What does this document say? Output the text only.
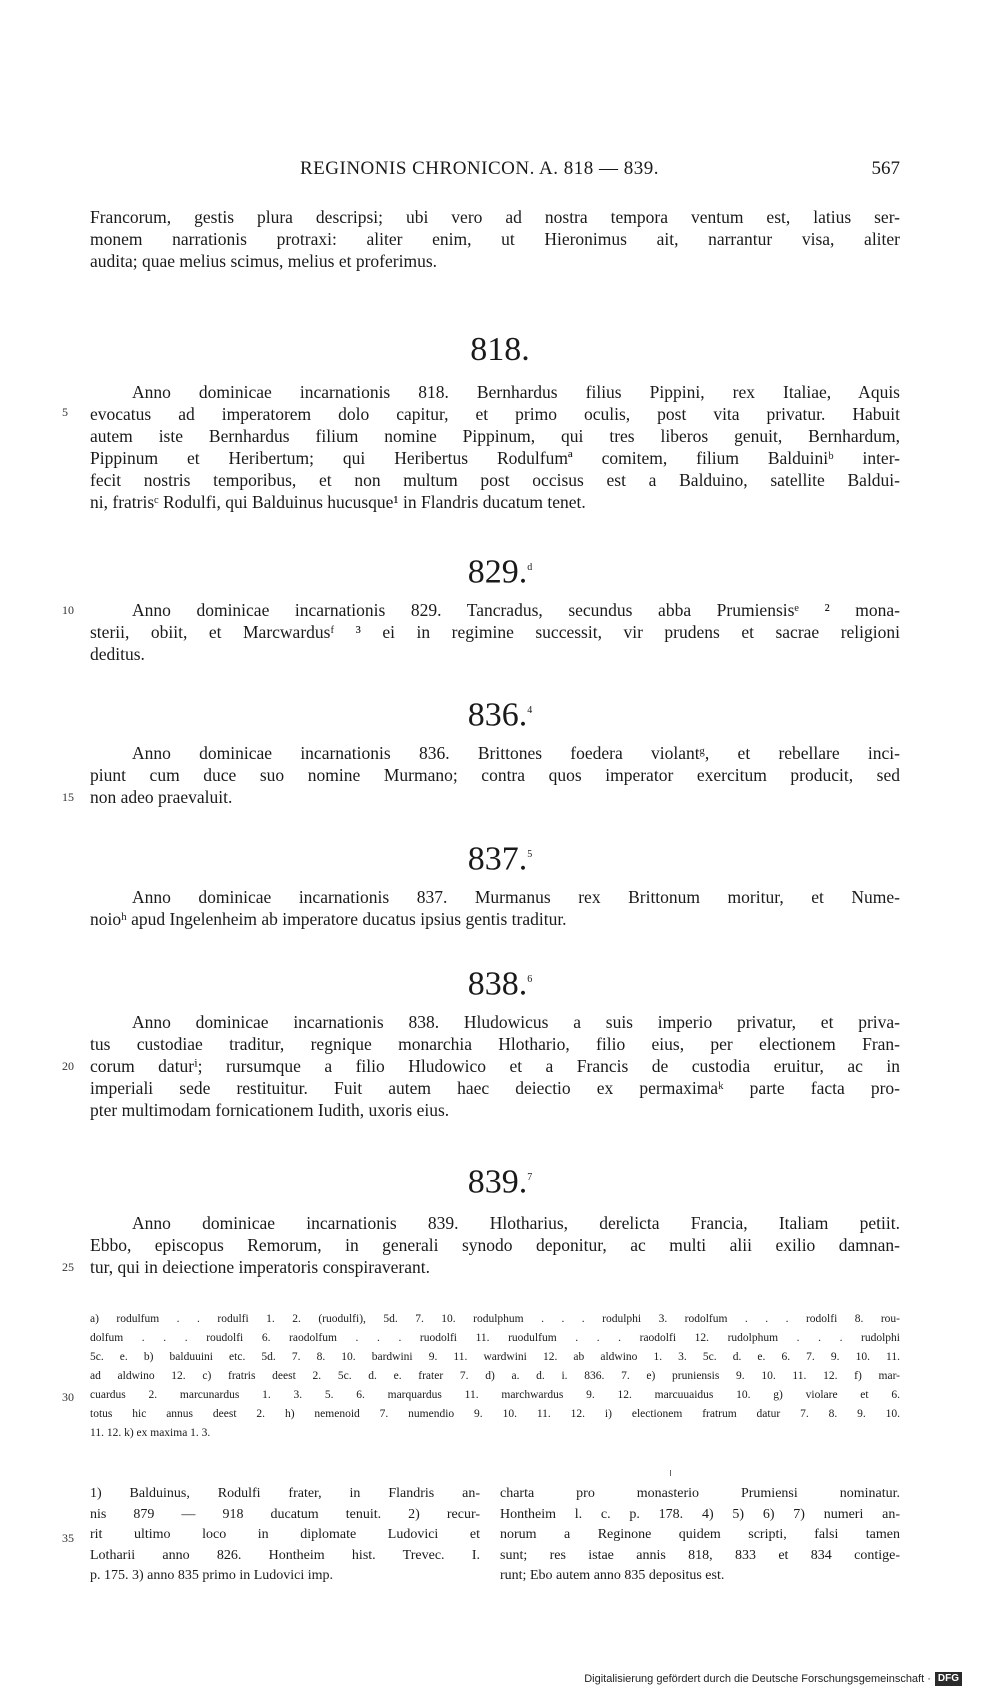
REGINONIS CHRONICON. A. 818 — 839.	567
Francorum, gestis plura descripsi; ubi vero ad nostra tempora ventum est, latius ser-
monem narrationis protraxi: aliter enim, ut Hieronimus ait, narrantur visa, aliter
audita; quae melius scimus, melius et proferimus.
818.
Anno dominicae incarnationis 818. Bernhardus filius Pippini, rex Italiae, Aquis
evocatus ad imperatorem dolo capitur, et primo oculis, post vita privatur. Habuit
autem iste Bernhardus filium nomine Pippinum, qui tres liberos genuit, Bernhardum,
Pippinum et Heribertum; qui Heribertus Rodulfumª comitem, filium Balduiniᵇ inter-
fecit nostris temporibus, et non multum post occisus est a Balduino, satellite Baldui-
ni, fratrisᶜ Rodulfi, qui Balduinus hucusque¹ in Flandris ducatum tenet.
5
829.$^d$
Anno dominicae incarnationis 829. Tancradus, secundus abba Prumiensisᵉ ² mona-
sterii, obiit, et Marcwardusᶠ ³ ei in regimine successit, vir prudens et sacrae religioni
deditus.
10
836.$^4$
Anno dominicae incarnationis 836. Brittones foedera violantᵍ, et rebellare inci-
piunt cum duce suo nomine Murmano; contra quos imperator exercitum producit, sed
non adeo praevaluit.
15
837.$^5$
Anno dominicae incarnationis 837. Murmanus rex Brittonum moritur, et Nume-
noioʰ apud Ingelenheim ab imperatore ducatus ipsius gentis traditur.
838.$^6$
Anno dominicae incarnationis 838. Hludowicus a suis imperio privatur, et priva-
tus custodiae traditur, regnique monarchia Hlothario, filio eius, per electionem Fran-
corum daturⁱ; rursumque a filio Hludowico et a Francis de custodia eruitur, ac in
imperiali sede restituitur. Fuit autem haec deiectio ex permaximaᵏ parte facta pro-
pter multimodam fornicationem Iudith, uxoris eius.
20
839.$^7$
Anno dominicae incarnationis 839. Hlotharius, derelicta Francia, Italiam petiit.
Ebbo, episcopus Remorum, in generali synodo deponitur, ac multi alii exilio damnan-
tur, qui in deiectione imperatoris conspiraverant.
25
a) rodulfum . . rodulfi 1. 2. (ruodulfi), 5d. 7. 10. rodulphum . . . rodulphi 3. rodolfum . . . rodolfi 8. rou-
dolfum . . . roudolfi 6. raodolfum . . . ruodolfi 11. ruodulfum . . . raodolfi 12. rudolphum . . . rudolphi
5c. e. b) balduuini etc. 5d. 7. 8. 10. bardwini 9. 11. wardwini 12. ab aldwino 1. 3. 5c. d. e. 6. 7. 9. 10. 11.
ad aldwino 12. c) fratris deest 2. 5c. d. e. frater 7. d) a. d. i. 836. 7. e) pruniensis 9. 10. 11. 12. f) mar-
cuardus 2. marcunardus 1. 3. 5. 6. marquardus 11. marchwardus 9. 12. marcuuaidus 10. g) violare et 6.
totus hic annus deest 2. h) nemenoid 7. numendio 9. 10. 11. 12. i) electionem fratrum datur 7. 8. 9. 10.
11. 12. k) ex maxima 1. 3.
30
1) Balduinus, Rodulfi frater, in Flandris an-
nis 879 — 918 ducatum tenuit. 2) recur-
rit ultimo loco in diplomate Ludovici et
Lotharii anno 826. Hontheim hist. Trevec. I.
p. 175. 3) anno 835 primo in Ludovici imp.
35
charta pro monasterio Prumiensi nominatur.
Hontheim l. c. p. 178. 4) 5) 6) 7) numeri an-
norum a Reginone quidem scripti, falsi tamen
sunt; res istae annis 818, 833 et 834 contige-
runt; Ebo autem anno 835 depositus est.
Digitalisierung gefördert durch die Deutsche Forschungsgemeinschaft · DFG
